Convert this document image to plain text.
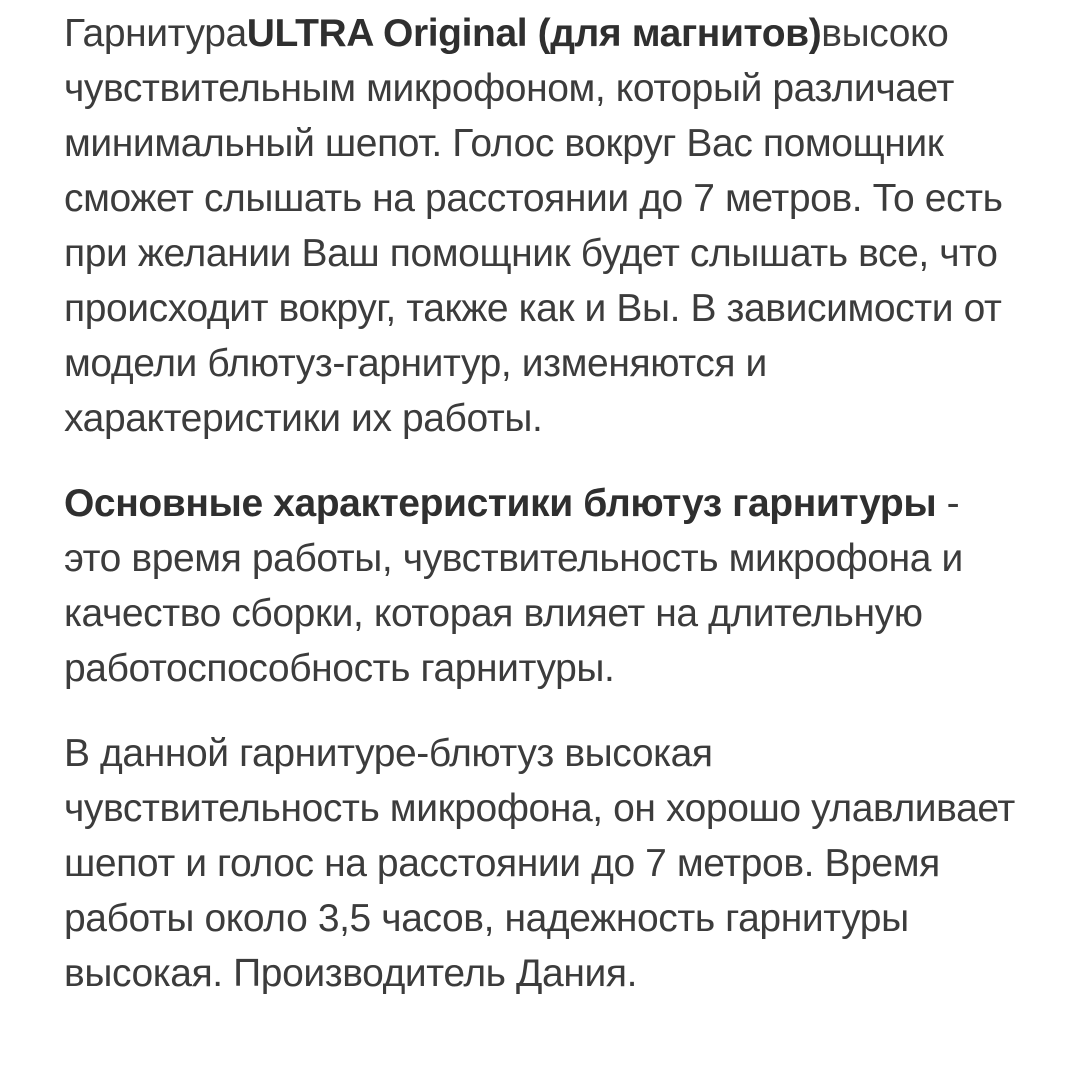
ГарнитураULTRA Original (для магнитов)высоко чувствительным микрофоном, который различает минимальный шепот. Голос вокруг Вас помощник сможет слышать на расстоянии до 7 метров. То есть при желании Ваш помощник будет слышать все, что происходит вокруг, также как и Вы. В зависимости от модели блютуз-гарнитур, изменяются и характеристики их работы.

Основные характеристики блютуз гарнитуры - это время работы, чувствительность микрофона и качество сборки, которая влияет на длительную работоспособность гарнитуры.

В данной гарнитуре-блютуз высокая чувствительность микрофона, он хорошо улавливает шепот и голос на расстоянии до 7 метров. Время работы около 3,5 часов, надежность гарнитуры высокая. Производитель Дания.
